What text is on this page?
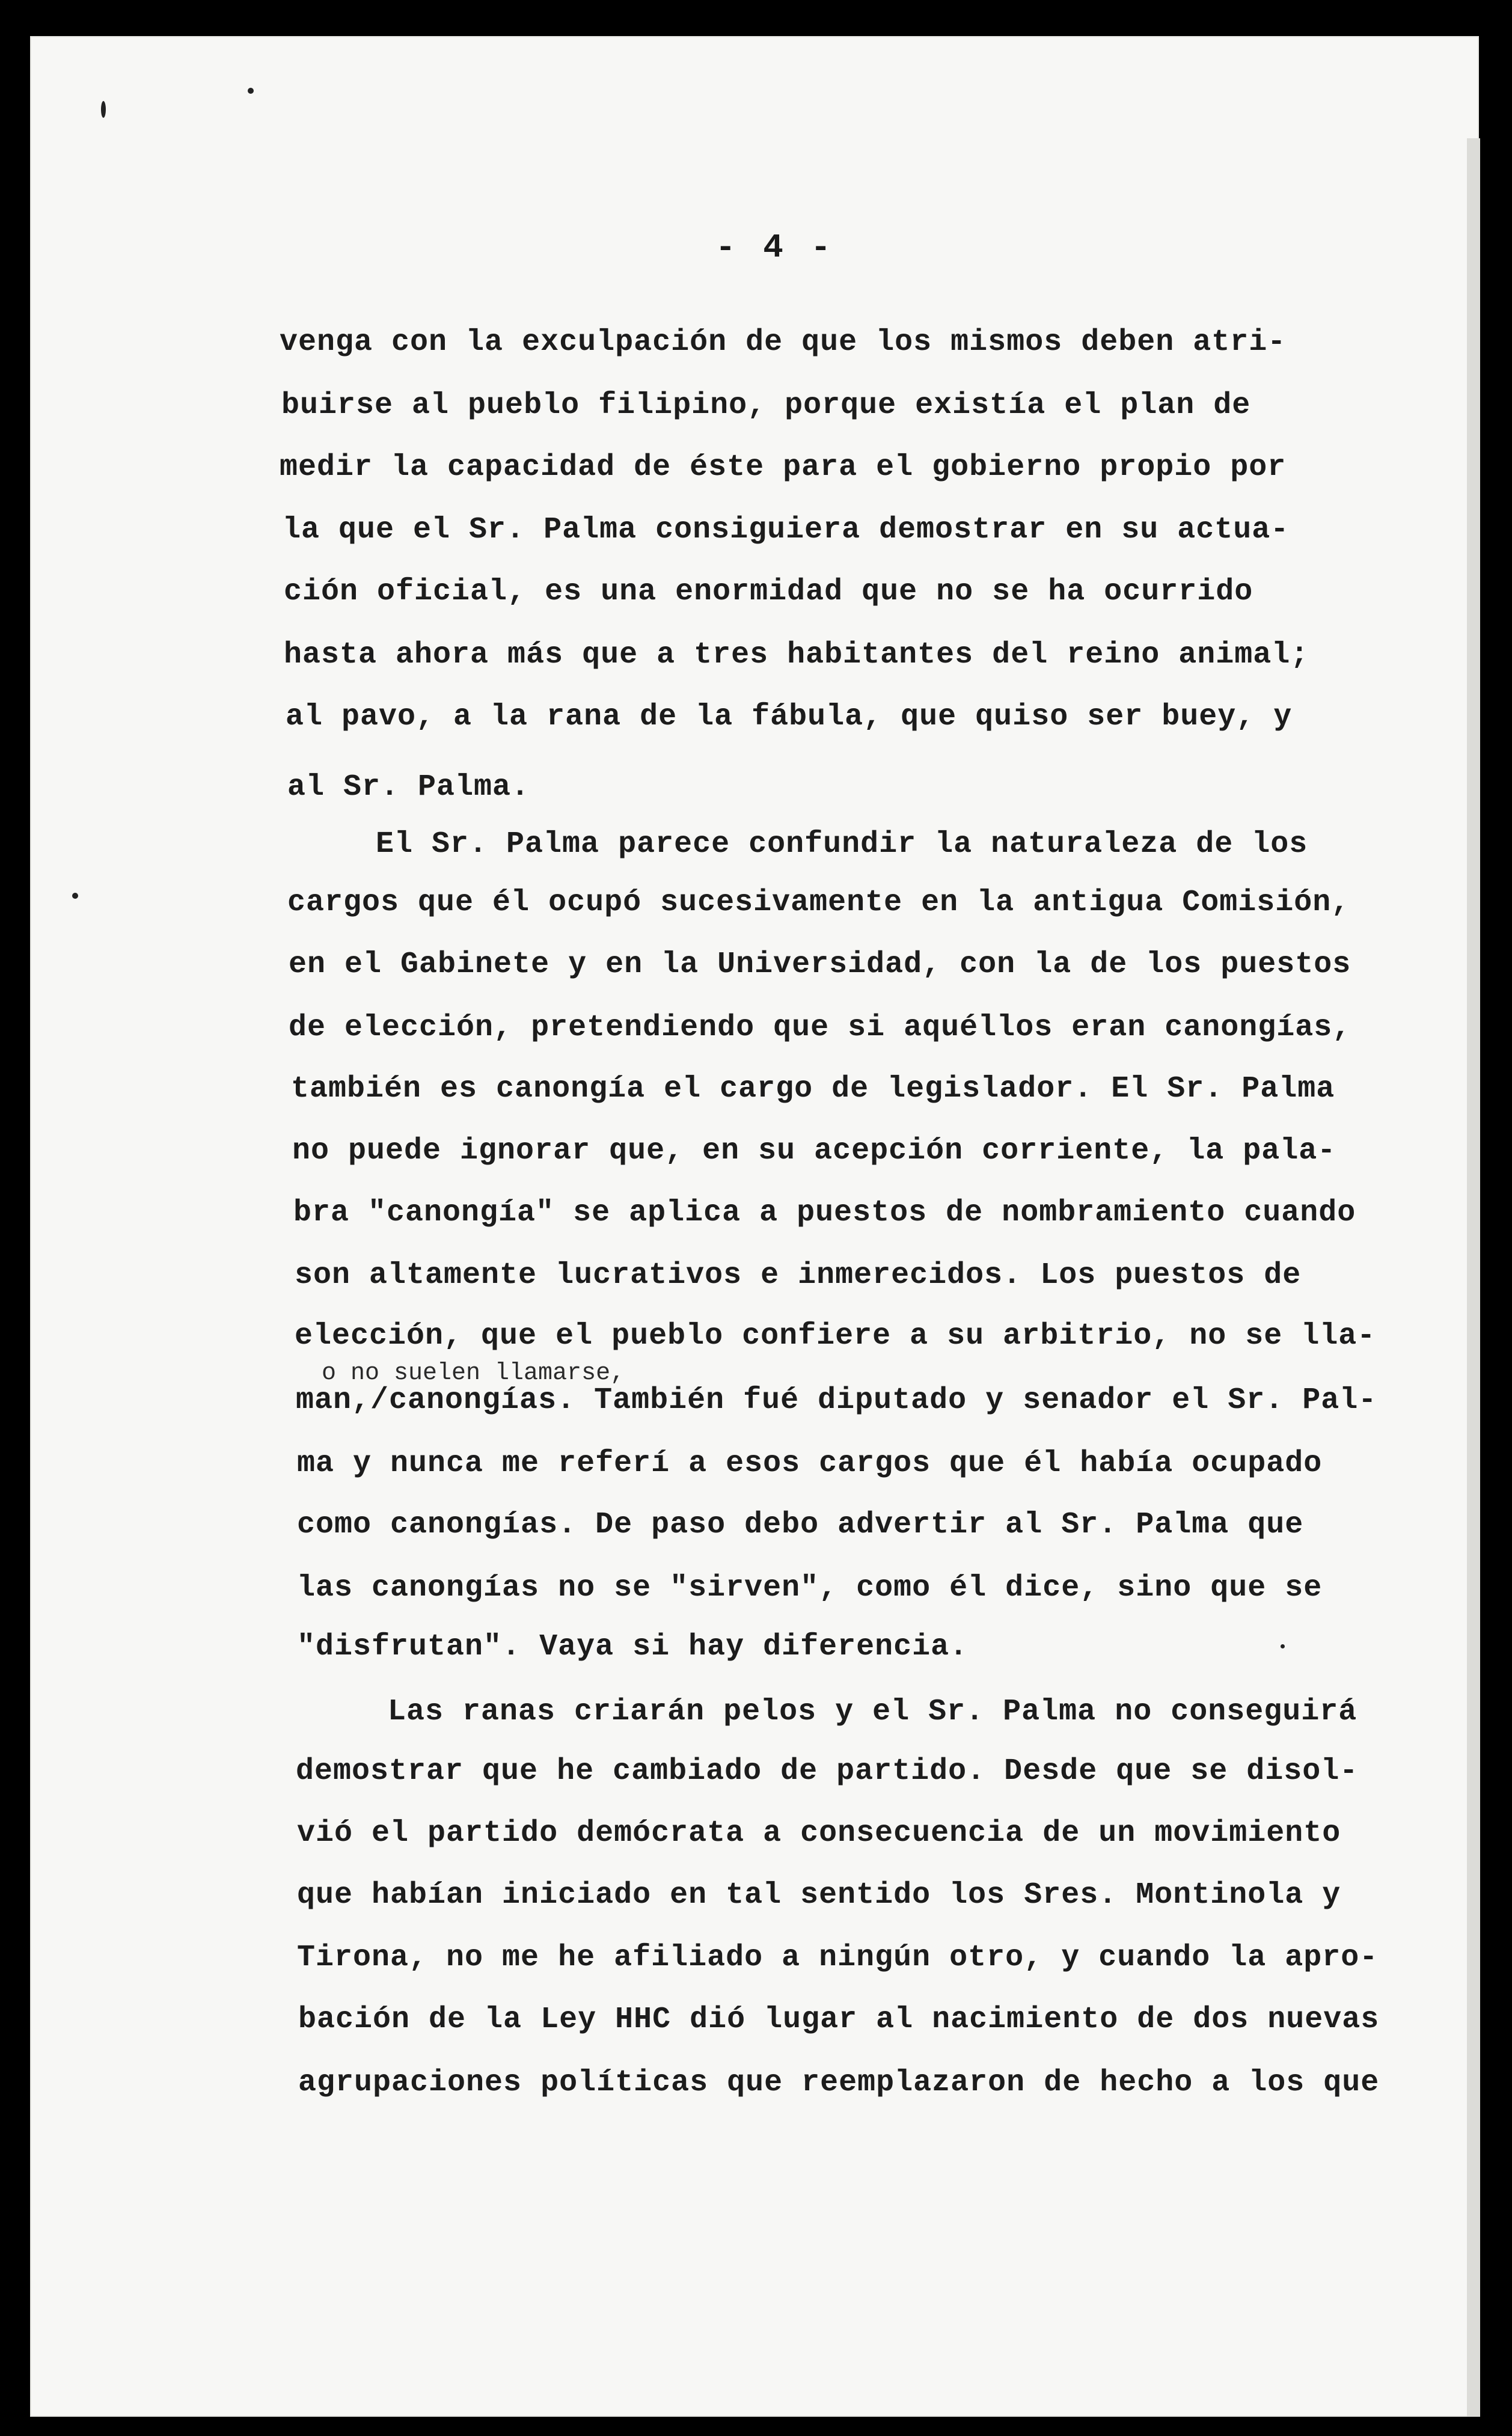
- 4 -
venga con la exculpación de que los mismos deben atri-
buirse al pueblo filipino, porque existía el plan de
medir la capacidad de éste para el gobierno propio por
la que el Sr. Palma consiguiera demostrar en su actua-
ción oficial, es una enormidad que no se ha ocurrido
hasta ahora más que a tres habitantes del reino animal;
al pavo, a la rana de la fábula, que quiso ser buey, y
al Sr. Palma.
El Sr. Palma parece confundir la naturaleza de los
cargos que él ocupó sucesivamente en la antigua Comisión,
en el Gabinete y en la Universidad, con la de los puestos
de elección, pretendiendo que si aquéllos eran canongías,
también es canongía el cargo de legislador. El Sr. Palma
no puede ignorar que, en su acepción corriente, la pala-
bra "canongía" se aplica a puestos de nombramiento cuando
son altamente lucrativos e inmerecidos. Los puestos de
elección, que el pueblo confiere a su arbitrio, no se lla-
o no suelen llamarse,
man,/canongías. También fué diputado y senador el Sr. Pal-
ma y nunca me referí a esos cargos que él había ocupado
como canongías. De paso debo advertir al Sr. Palma que
las canongías no se "sirven", como él dice, sino que se
"disfrutan". Vaya si hay diferencia.
Las ranas criarán pelos y el Sr. Palma no conseguirá
demostrar que he cambiado de partido. Desde que se disol-
vió el partido demócrata a consecuencia de un movimiento
que habían iniciado en tal sentido los Sres. Montinola y
Tirona, no me he afiliado a ningún otro, y cuando la apro-
bación de la Ley HHC dió lugar al nacimiento de dos nuevas
agrupaciones políticas que reemplazaron de hecho a los que
